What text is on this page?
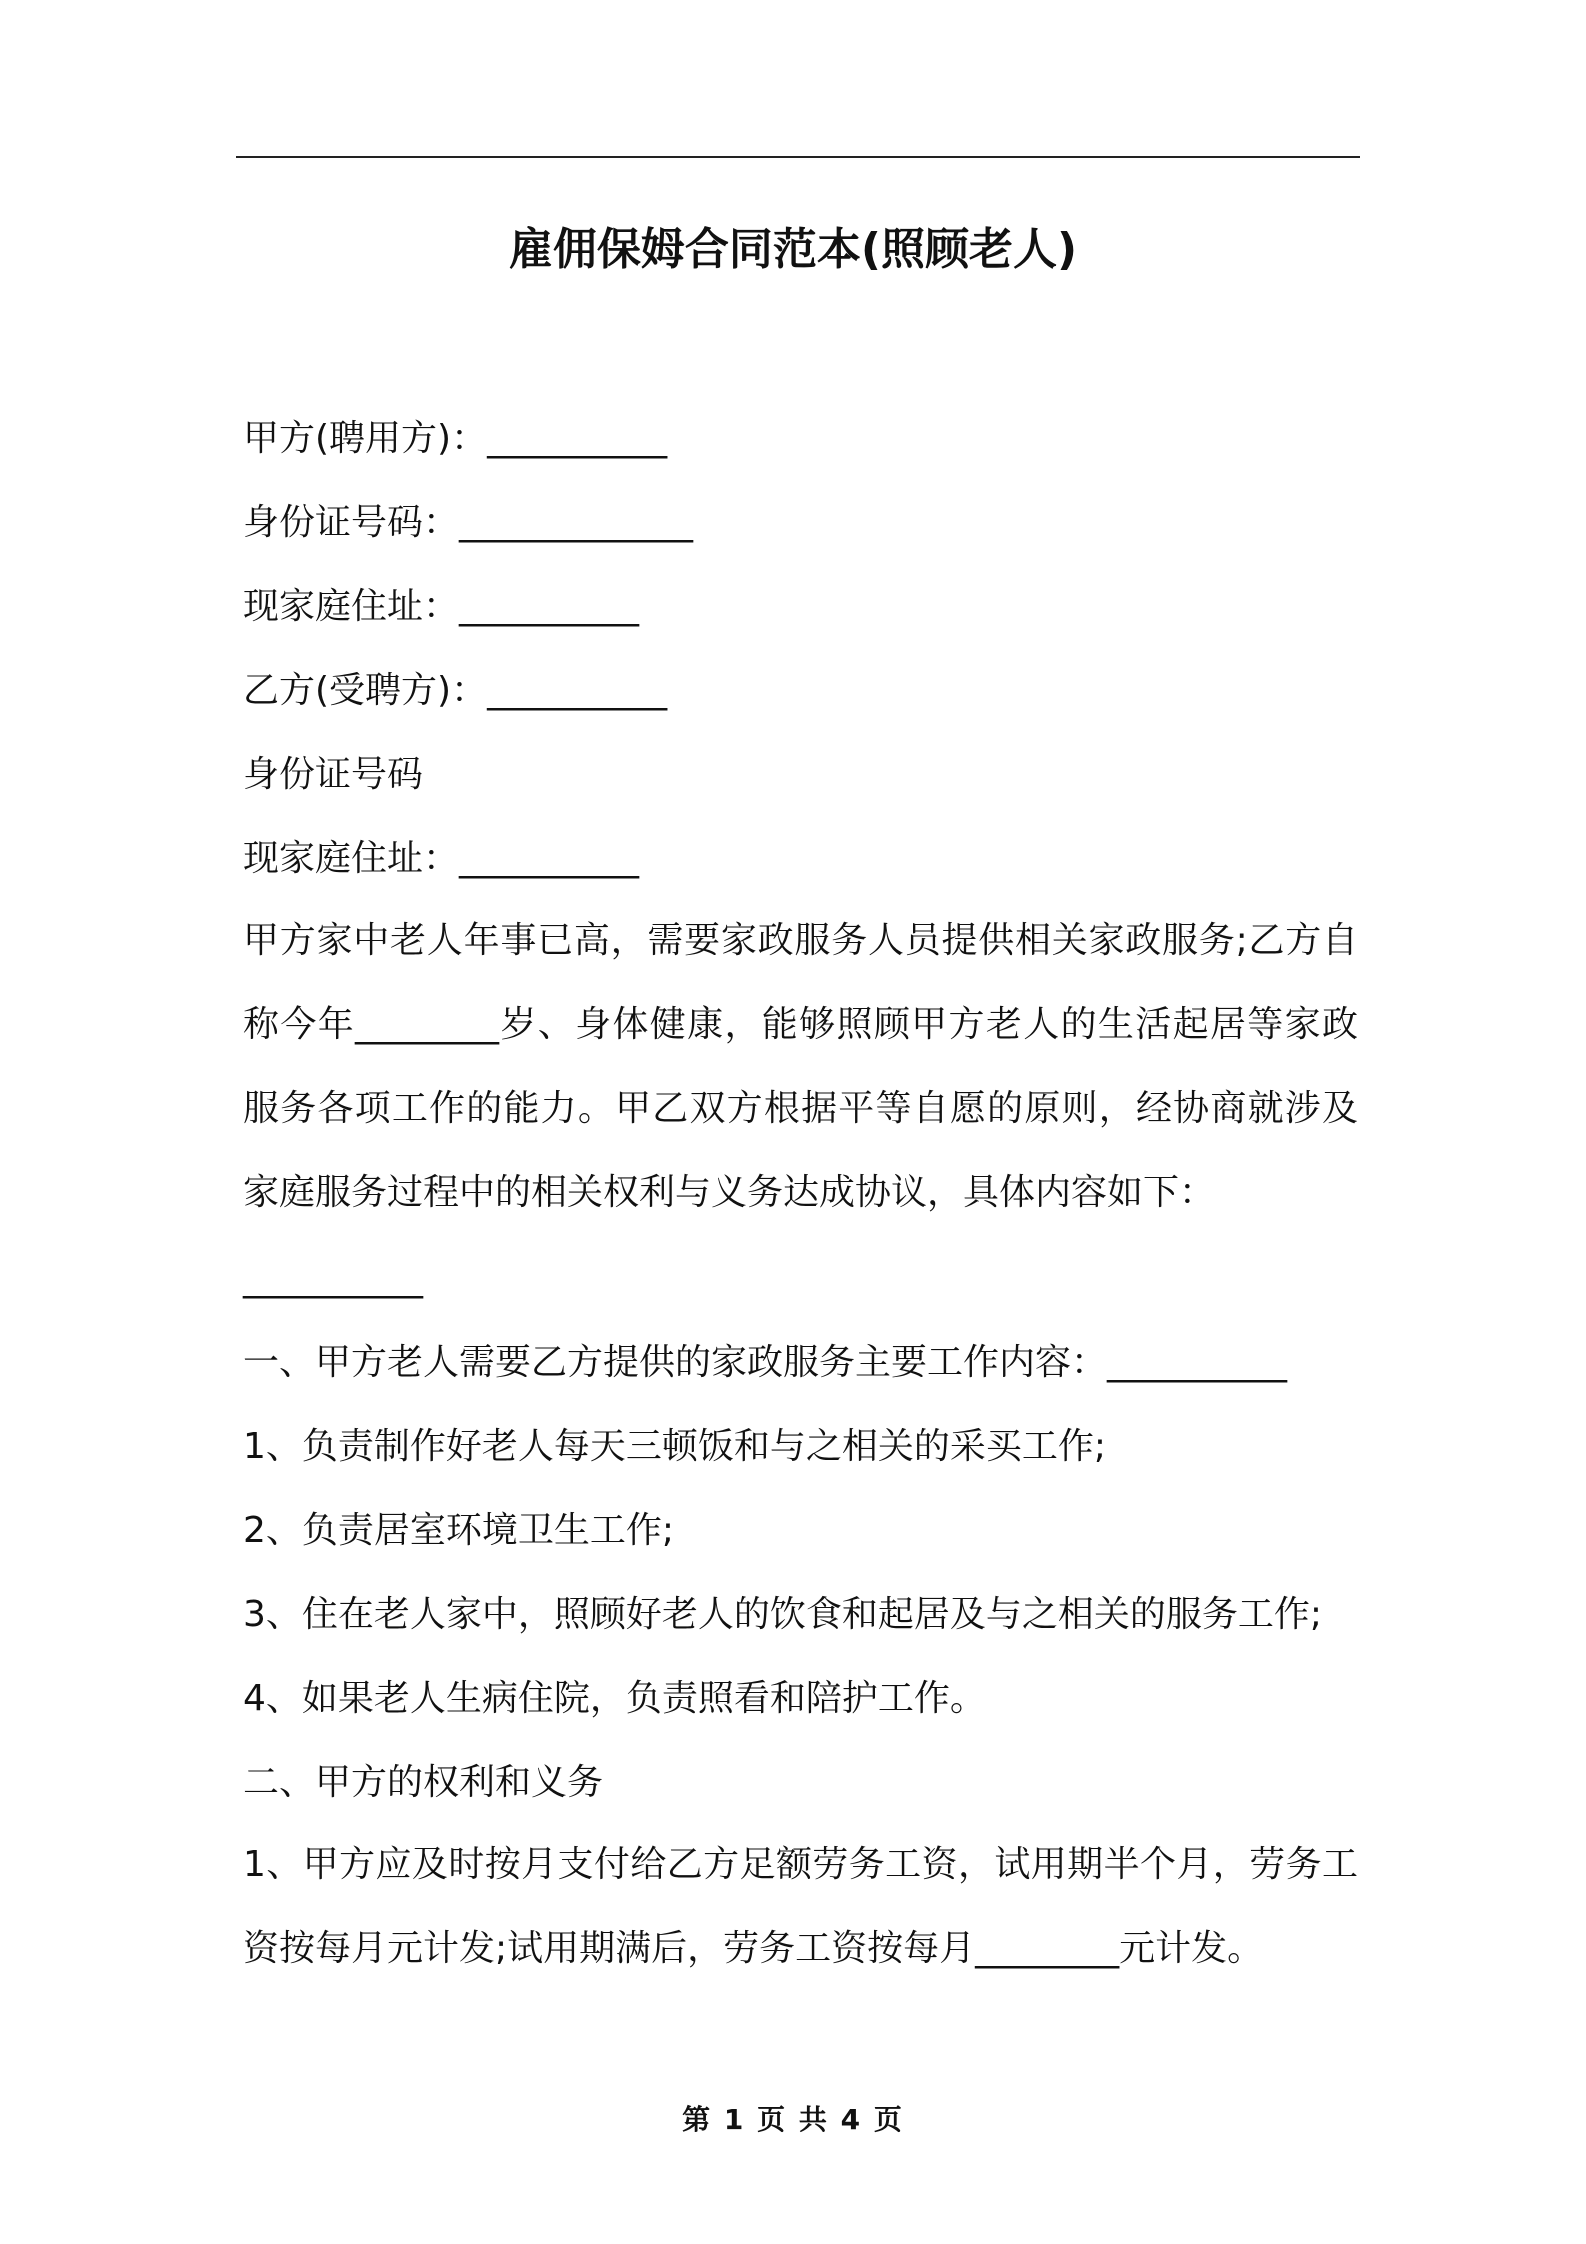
雇佣保姆合同范本(照顾老人)
甲方(聘用方)：__________
身份证号码：_____________
现家庭住址：__________
乙方(受聘方)：__________
身份证号码
现家庭住址：__________
甲方家中老人年事已高，需要家政服务人员提供相关家政服务;乙方自称今年________岁、身体健康，能够照顾甲方老人的生活起居等家政服务各项工作的能力。甲乙双方根据平等自愿的原则，经协商就涉及家庭服务过程中的相关权利与义务达成协议，具体内容如下：
__________
一、甲方老人需要乙方提供的家政服务主要工作内容：__________
1、负责制作好老人每天三顿饭和与之相关的采买工作;
2、负责居室环境卫生工作;
3、住在老人家中，照顾好老人的饮食和起居及与之相关的服务工作;
4、如果老人生病住院，负责照看和陪护工作。
二、甲方的权利和义务
1、甲方应及时按月支付给乙方足额劳务工资，试用期半个月，劳务工资按每月元计发;试用期满后，劳务工资按每月________元计发。
第 1 页 共 4 页
